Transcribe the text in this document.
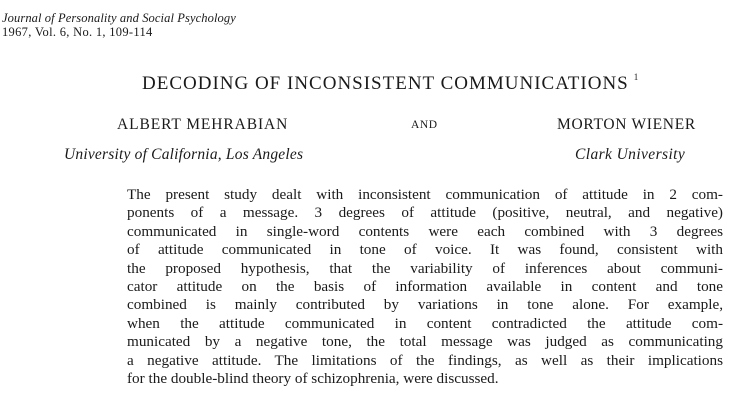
Journal of Personality and Social Psychology
1967, Vol. 6, No. 1, 109-114
DECODING OF INCONSISTENT COMMUNICATIONS $^1$
ALBERT MEHRABIAN	AND	MORTON WIENER
University of California, Los Angeles	Clark University

The present study dealt with inconsistent communication of attitude in 2 com-
ponents of a message. 3 degrees of attitude (positive, neutral, and negative)
communicated in single-word contents were each combined with 3 degrees
of attitude communicated in tone of voice. It was found, consistent with
the proposed hypothesis, that the variability of inferences about communi-
cator attitude on the basis of information available in content and tone
combined is mainly contributed by variations in tone alone. For example,
when the attitude communicated in content contradicted the attitude com-
municated by a negative tone, the total message was judged as communicating
a negative attitude. The limitations of the findings, as well as their implications
for the double-blind theory of schizophrenia, were discussed.
